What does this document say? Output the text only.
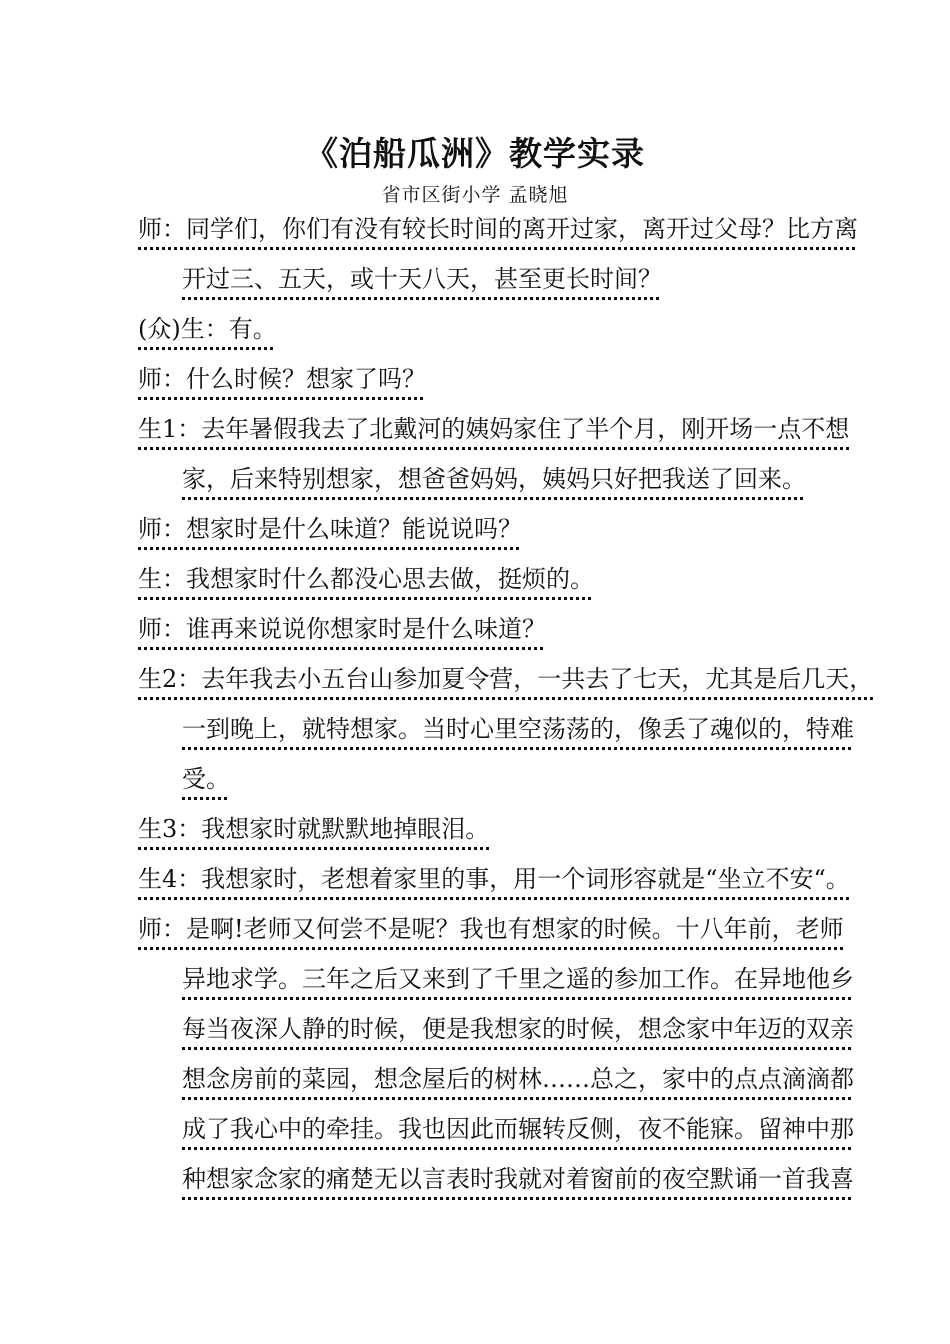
《泊船瓜洲》教学实录
省市区街小学 孟晓旭
师：同学们，你们有没有较长时间的离开过家，离开过父母？比方离
开过三、五天，或十天八天，甚至更长时间？
(众)生：有。
师：什么时候？想家了吗？
生1：去年暑假我去了北戴河的姨妈家住了半个月，刚开场一点不想
家，后来特别想家，想爸爸妈妈，姨妈只好把我送了回来。
师：想家时是什么味道？能说说吗？
生：我想家时什么都没心思去做，挺烦的。
师：谁再来说说你想家时是什么味道？
生2：去年我去小五台山参加夏令营，一共去了七天，尤其是后几天，
一到晚上，就特想家。当时心里空荡荡的，像丢了魂似的，特难
受。
生3：我想家时就默默地掉眼泪。
生4：我想家时，老想着家里的事，用一个词形容就是“坐立不安“。
师：是啊!老师又何尝不是呢？我也有想家的时候。十八年前，老师
异地求学。三年之后又来到了千里之遥的参加工作。在异地他乡
每当夜深人静的时候，便是我想家的时候，想念家中年迈的双亲
想念房前的菜园，想念屋后的树林……总之，家中的点点滴滴都
成了我心中的牵挂。我也因此而辗转反侧，夜不能寐。留神中那
种想家念家的痛楚无以言表时我就对着窗前的夜空默诵一首我喜
